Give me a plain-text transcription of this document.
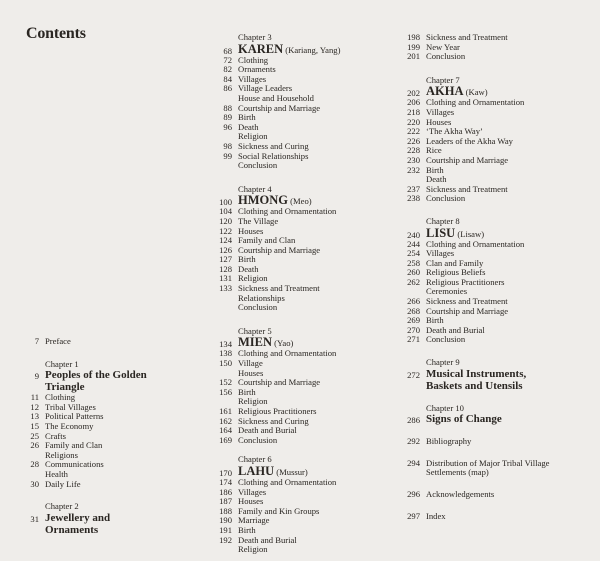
Contents
7 Preface
Chapter 1
9 Peoples of the Golden
Triangle
11 Clothing
12 Tribal Villages
13 Political Patterns
15 The Economy
25 Crafts
26 Family and Clan
Religions
28 Communications
Health
30 Daily Life
Chapter 2
31 Jewellery and
Ornaments
Chapter 3
68 KAREN (Kariang, Yang)
72 Clothing
82 Ornaments
84 Villages
86 Village Leaders
House and Household
88 Courtship and Marriage
89 Birth
96 Death
Religion
98 Sickness and Curing
99 Social Relationships
Conclusion
Chapter 4
100 HMONG (Meo)
104 Clothing and Ornamentation
120 The Village
122 Houses
124 Family and Clan
126 Courtship and Marriage
127 Birth
128 Death
131 Religion
133 Sickness and Treatment
Relationships
Conclusion
Chapter 5
134 MIEN (Yao)
138 Clothing and Ornamentation
150 Village
Houses
152 Courtship and Marriage
156 Birth
Religion
161 Religious Practitioners
162 Sickness and Curing
164 Death and Burial
169 Conclusion
Chapter 6
170 LAHU (Mussur)
174 Clothing and Ornamentation
186 Villages
187 Houses
188 Family and Kin Groups
190 Marriage
191 Birth
192 Death and Burial
Religion
198 Sickness and Treatment
199 New Year
201 Conclusion
Chapter 7
202 AKHA (Kaw)
206 Clothing and Ornamentation
218 Villages
220 Houses
222 ‘The Akha Way’
226 Leaders of the Akha Way
228 Rice
230 Courtship and Marriage
232 Birth
Death
237 Sickness and Treatment
238 Conclusion
Chapter 8
240 LISU (Lisaw)
244 Clothing and Ornamentation
254 Villages
258 Clan and Family
260 Religious Beliefs
262 Religious Practitioners
Ceremonies
266 Sickness and Treatment
268 Courtship and Marriage
269 Birth
270 Death and Burial
271 Conclusion
Chapter 9
272 Musical Instruments,
Baskets and Utensils
Chapter 10
286 Signs of Change
292 Bibliography
294 Distribution of Major Tribal Village
Settlements (map)
296 Acknowledgements
297 Index
